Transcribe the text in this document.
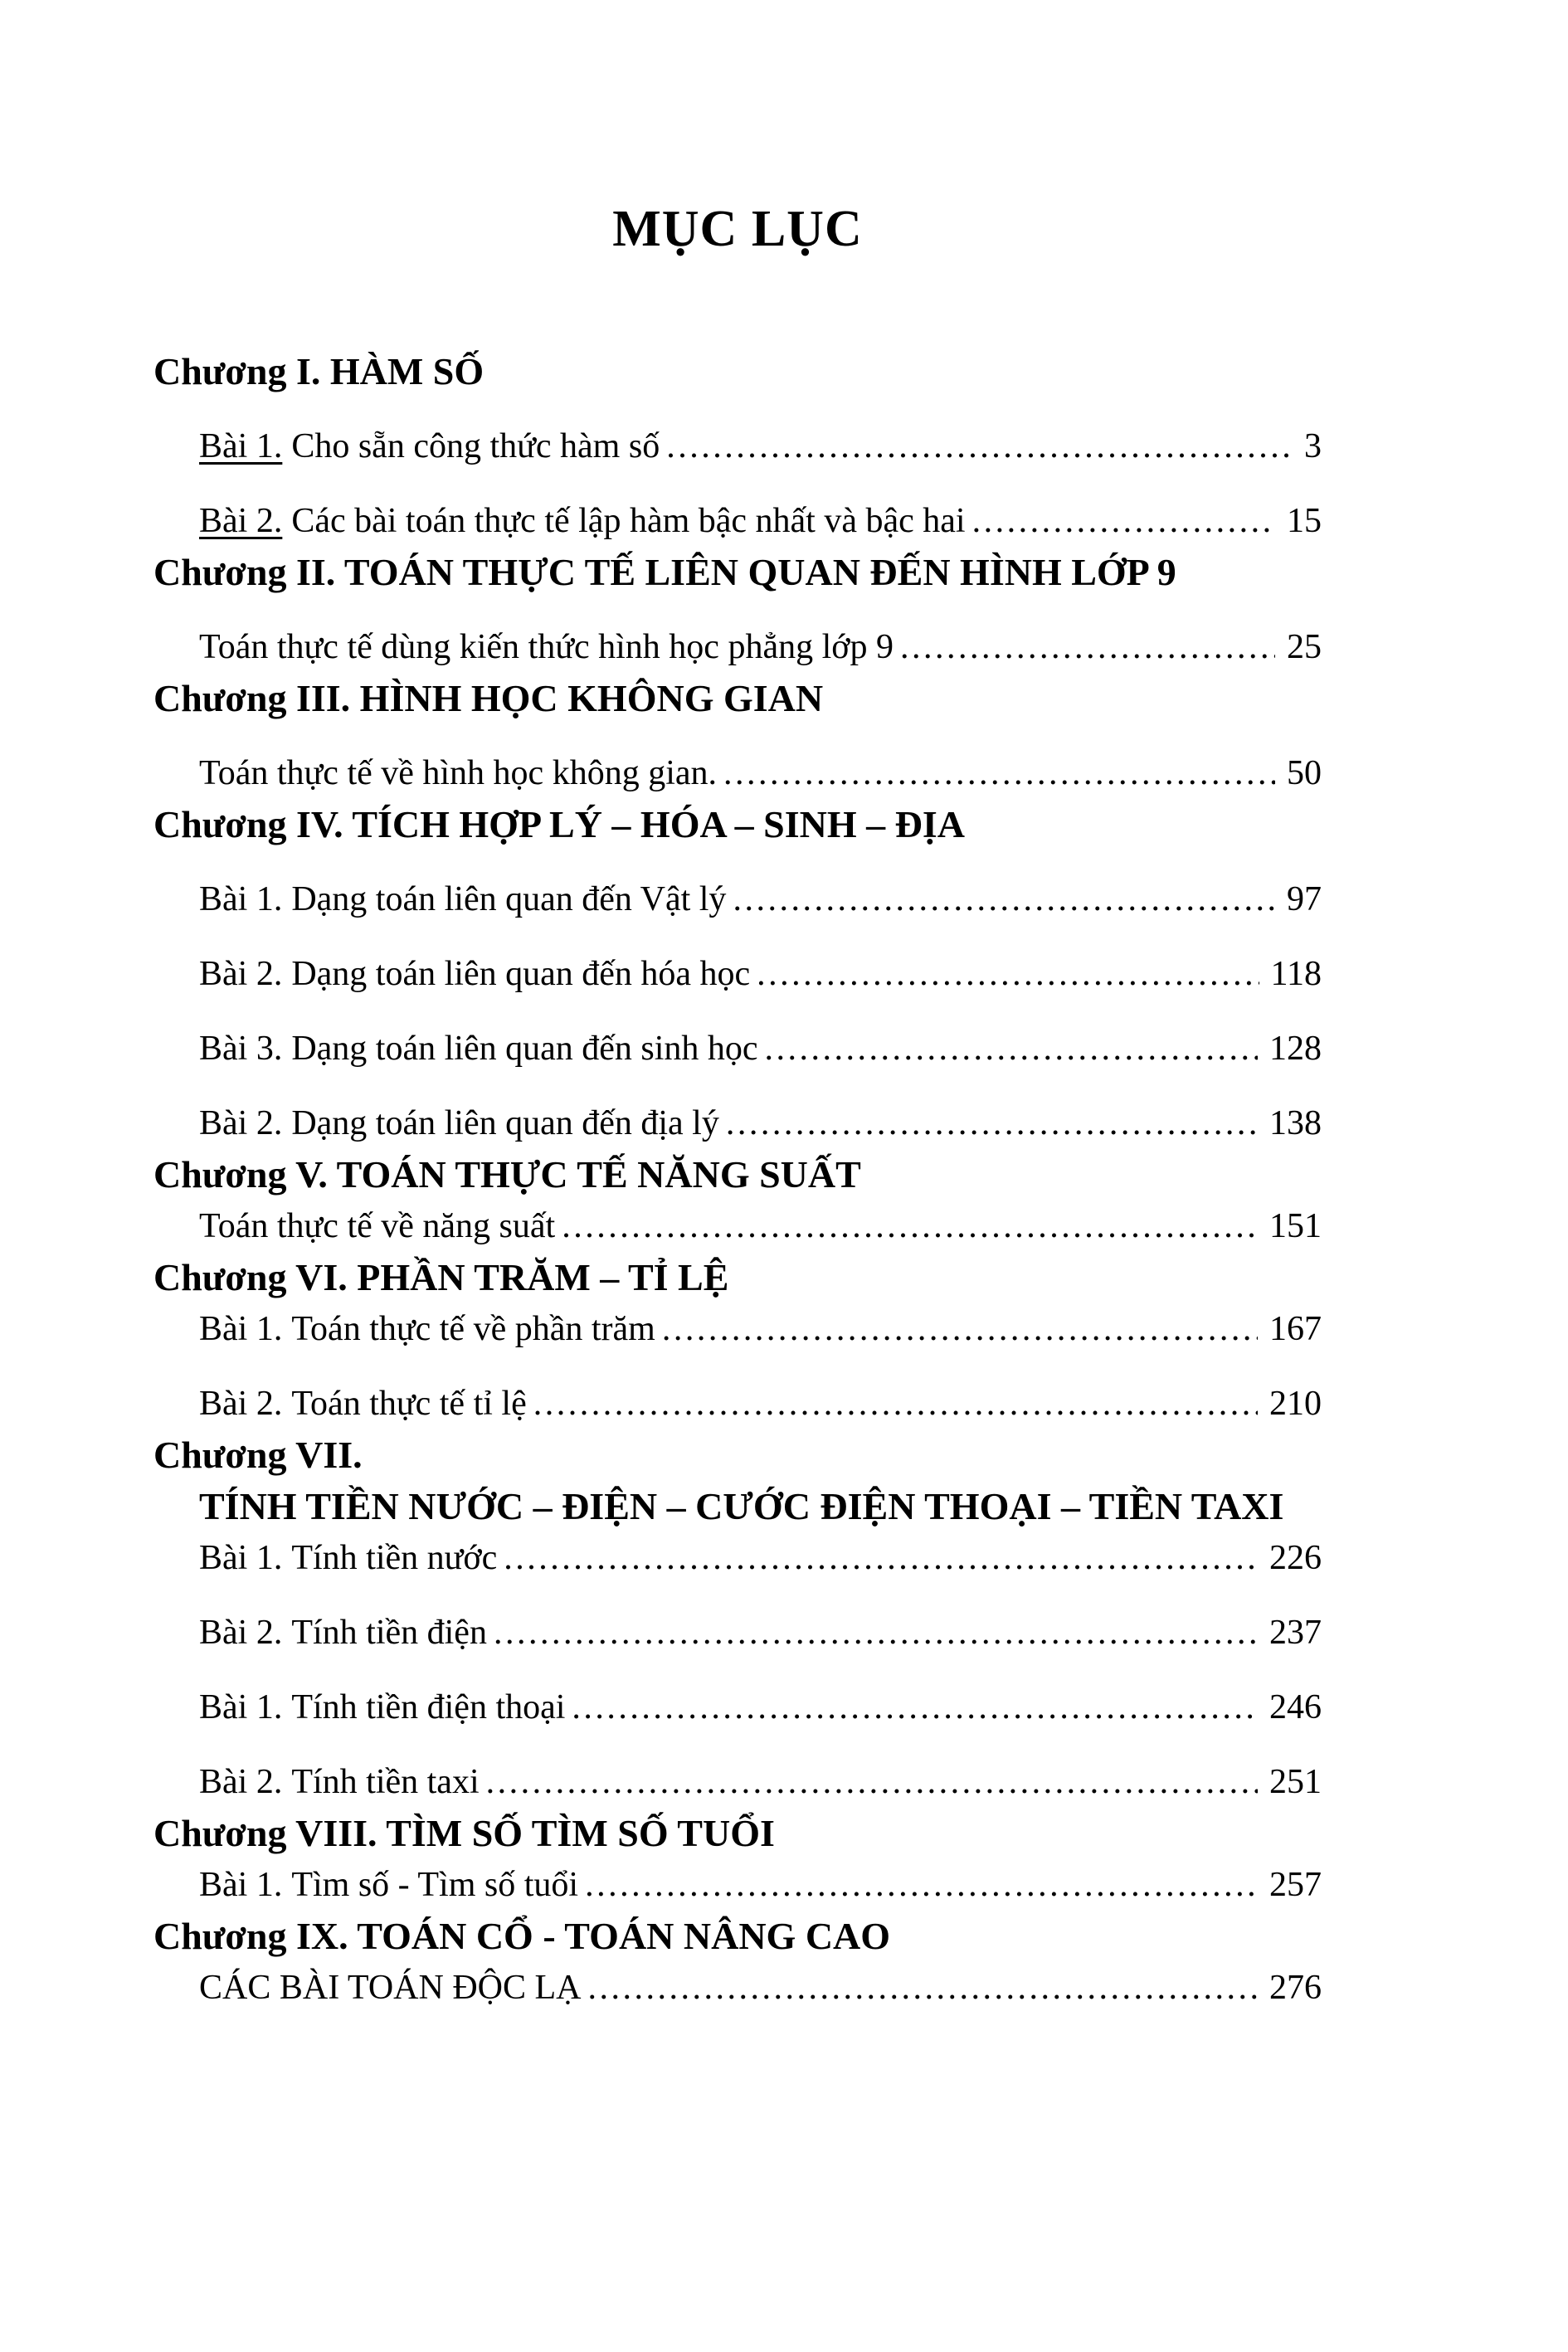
MỤC LỤC
Chương I. HÀM SỐ
Bài 1. Cho sẵn công thức hàm số .....	3
Bài 2. Các bài toán thực tế lập hàm bậc nhất và bậc hai .....	15
Chương II. TOÁN THỰC TẾ LIÊN QUAN ĐẾN HÌNH LỚP 9
Toán thực tế dùng kiến thức hình học phẳng lớp 9 .....	25
Chương III. HÌNH HỌC KHÔNG GIAN
Toán thực tế về hình học không gian. .....	50
Chương IV. TÍCH HỢP LÝ – HÓA – SINH – ĐỊA
Bài 1. Dạng toán liên quan đến Vật lý .....	97
Bài 2. Dạng toán liên quan đến hóa học .....	118
Bài 3. Dạng toán liên quan đến sinh học .....	128
Bài 2. Dạng toán liên quan đến địa lý .....	138
Chương V. TOÁN THỰC TẾ NĂNG SUẤT
Toán thực tế về năng suất .....	151
Chương VI. PHẦN TRĂM – TỈ LỆ
Bài 1. Toán thực tế về phần trăm .....	167
Bài 2. Toán thực tế tỉ lệ .....	210
Chương VII.
TÍNH TIỀN NƯỚC – ĐIỆN – CƯỚC ĐIỆN THOẠI – TIỀN TAXI
Bài 1. Tính tiền nước .....	226
Bài 2. Tính tiền điện .....	237
Bài 1. Tính tiền điện thoại .....	246
Bài 2. Tính tiền taxi .....	251
Chương VIII. TÌM SỐ TÌM SỐ TUỔI
Bài 1. Tìm số - Tìm số tuổi .....	257
Chương IX. TOÁN CỔ - TOÁN NÂNG CAO
CÁC BÀI TOÁN ĐỘC LẠ .....	276
